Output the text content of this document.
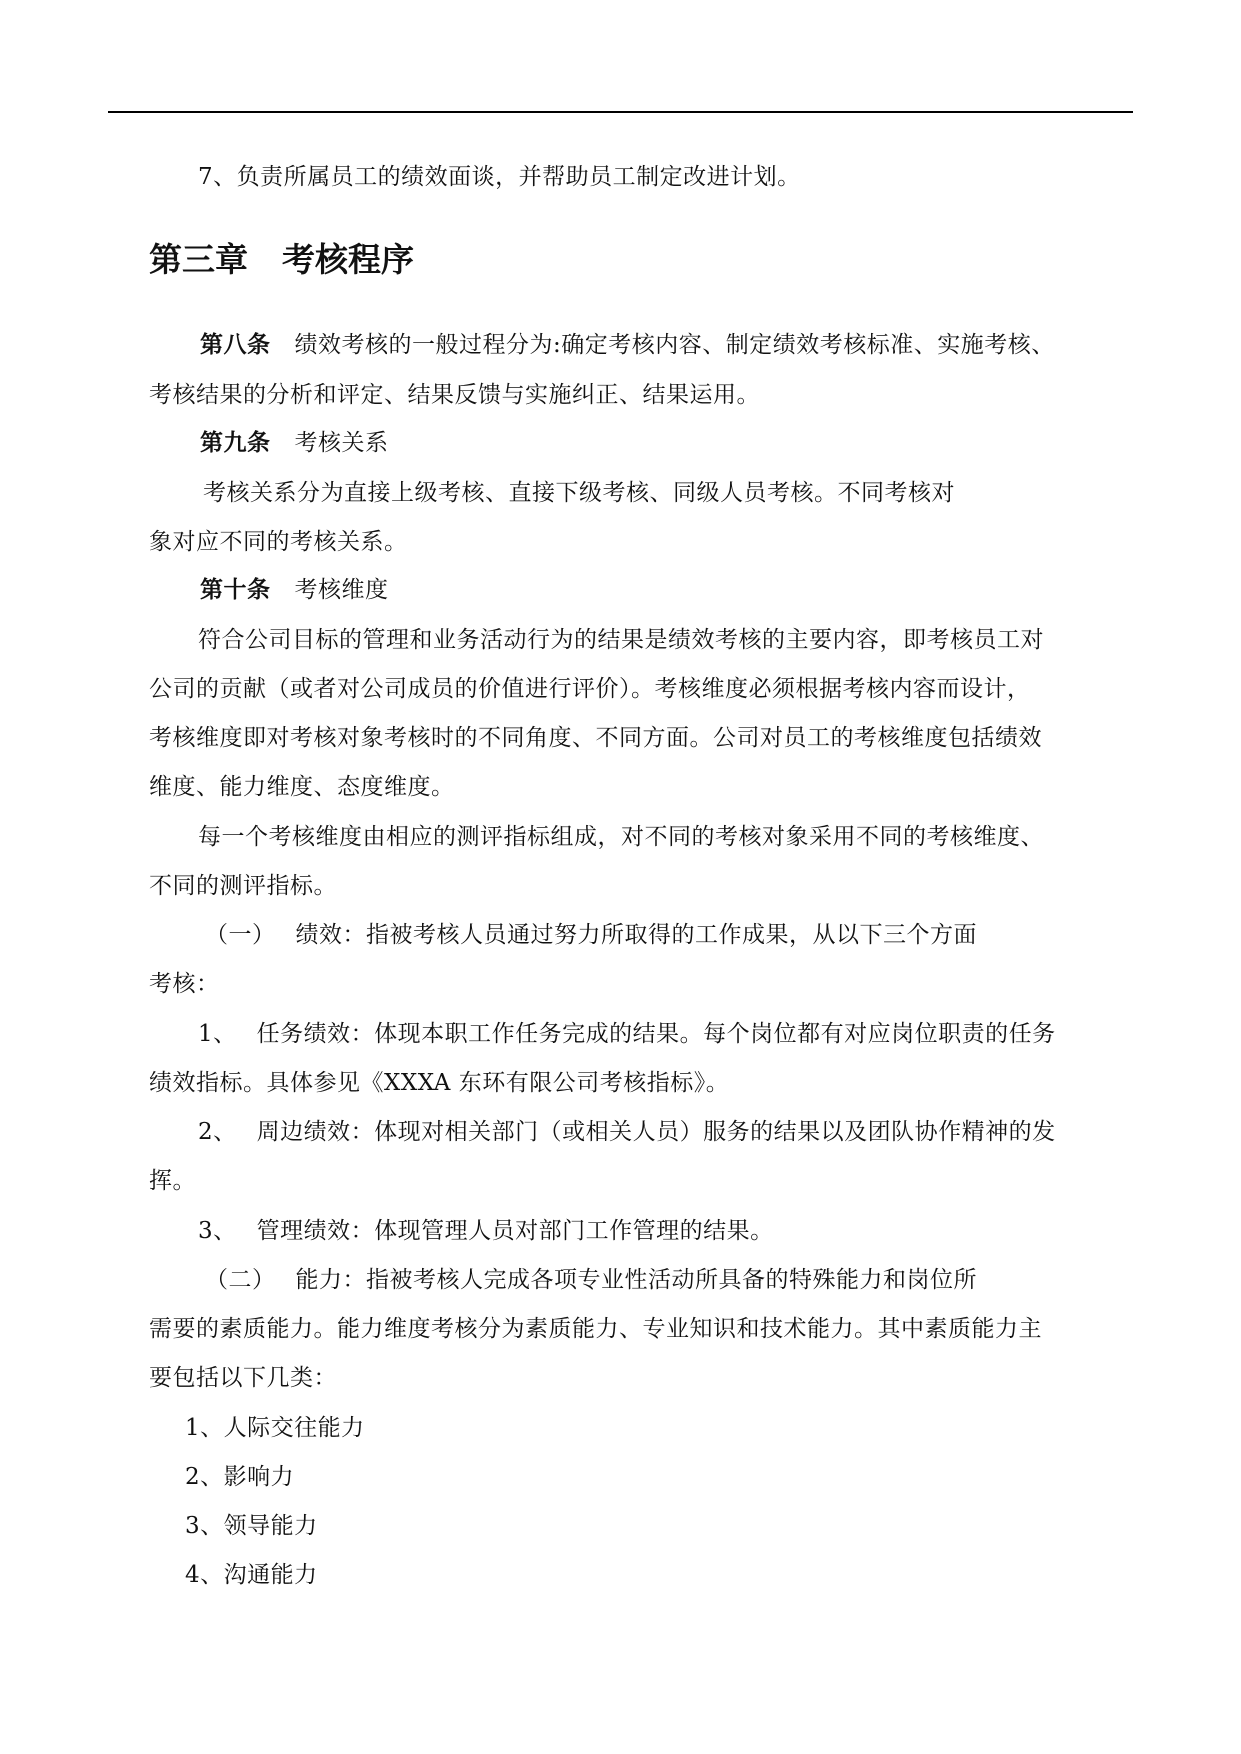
7、负责所属员工的绩效面谈，并帮助员工制定改进计划。
第三章 考核程序
第八条 绩效考核的一般过程分为:确定考核内容、制定绩效考核标准、实施考核、
考核结果的分析和评定、结果反馈与实施纠正、结果运用。
第九条 考核关系
考核关系分为直接上级考核、直接下级考核、同级人员考核。不同考核对
象对应不同的考核关系。
第十条 考核维度
符合公司目标的管理和业务活动行为的结果是绩效考核的主要内容，即考核员工对
公司的贡献（或者对公司成员的价值进行评价）。考核维度必须根据考核内容而设计，
考核维度即对考核对象考核时的不同角度、不同方面。公司对员工的考核维度包括绩效
维度、能力维度、态度维度。
每一个考核维度由相应的测评指标组成，对不同的考核对象采用不同的考核维度、
不同的测评指标。
（一） 绩效：指被考核人员通过努力所取得的工作成果，从以下三个方面
考核：
1、 任务绩效：体现本职工作任务完成的结果。每个岗位都有对应岗位职责的任务
绩效指标。具体参见《XXXA 东环有限公司考核指标》。
2、 周边绩效：体现对相关部门（或相关人员）服务的结果以及团队协作精神的发
挥。
3、 管理绩效：体现管理人员对部门工作管理的结果。
（二） 能力：指被考核人完成各项专业性活动所具备的特殊能力和岗位所
需要的素质能力。能力维度考核分为素质能力、专业知识和技术能力。其中素质能力主
要包括以下几类：
1、人际交往能力
2、影响力
3、领导能力
4、沟通能力
